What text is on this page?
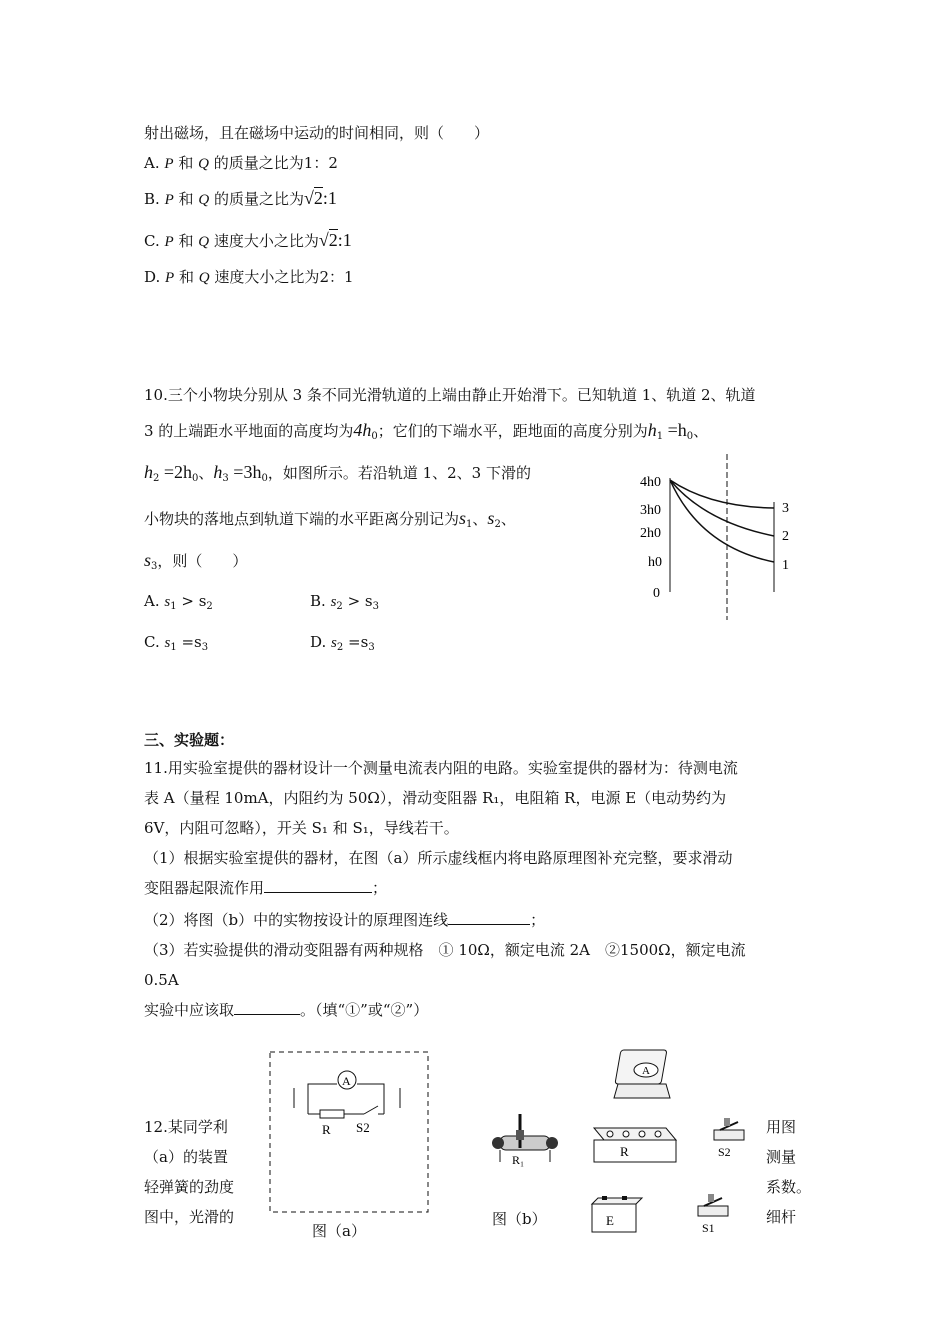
射出磁场，且在磁场中运动的时间相同，则（　　）
A. P 和 Q 的质量之比为1：2
B. P 和 Q 的质量之比为√2:1
C. P 和 Q 速度大小之比为√2:1
D. P 和 Q 速度大小之比为2：1
10.三个小物块分别从 3 条不同光滑轨道的上端由静止开始滑下。已知轨道 1、轨道 2、轨道
3 的上端距水平地面的高度均为$4h_0$；它们的下端水平，距地面的高度分别为$h_1 =h_0$、
$h_2 =2h_0$、$h_3 =3h_0$，如图所示。若沿轨道 1、2、3 下滑的
小物块的落地点到轨道下端的水平距离分别记为$s_1$、$s_2$、
$s_3$，则（　　）
A. $s_1 > s_2$	B. $s_2 > s_3$
C. $s_1 =s_3$	D. $s_2 =s_3$
4h0
3h0
2h0
h0
0
3
2
1
三、实验题：
11.用实验室提供的器材设计一个测量电流表内阻的电路。实验室提供的器材为：待测电流
表 A（量程 10mA，内阻约为 50Ω），滑动变阻器 R₁，电阻箱 R，电源 E（电动势约为
6V，内阻可忽略），开关 S₁ 和 S₁，导线若干。
（1）根据实验室提供的器材，在图（a）所示虚线框内将电路原理图补充完整，要求滑动
变阻器起限流作用	；
（2）将图（b）中的实物按设计的原理图连线	；
（3）若实验提供的滑动变阻器有两种规格　① 10Ω，额定电流 2A　②1500Ω，额定电流
0.5A
实验中应该取	。（填“①”或“②”）
12.某同学利
（a）的装置
轻弹簧的劲度
图中，光滑的
用图
测量
系数。
细杆
A
R S2
图（a）
A
R₁
R	S2
E	S1
图（b）
